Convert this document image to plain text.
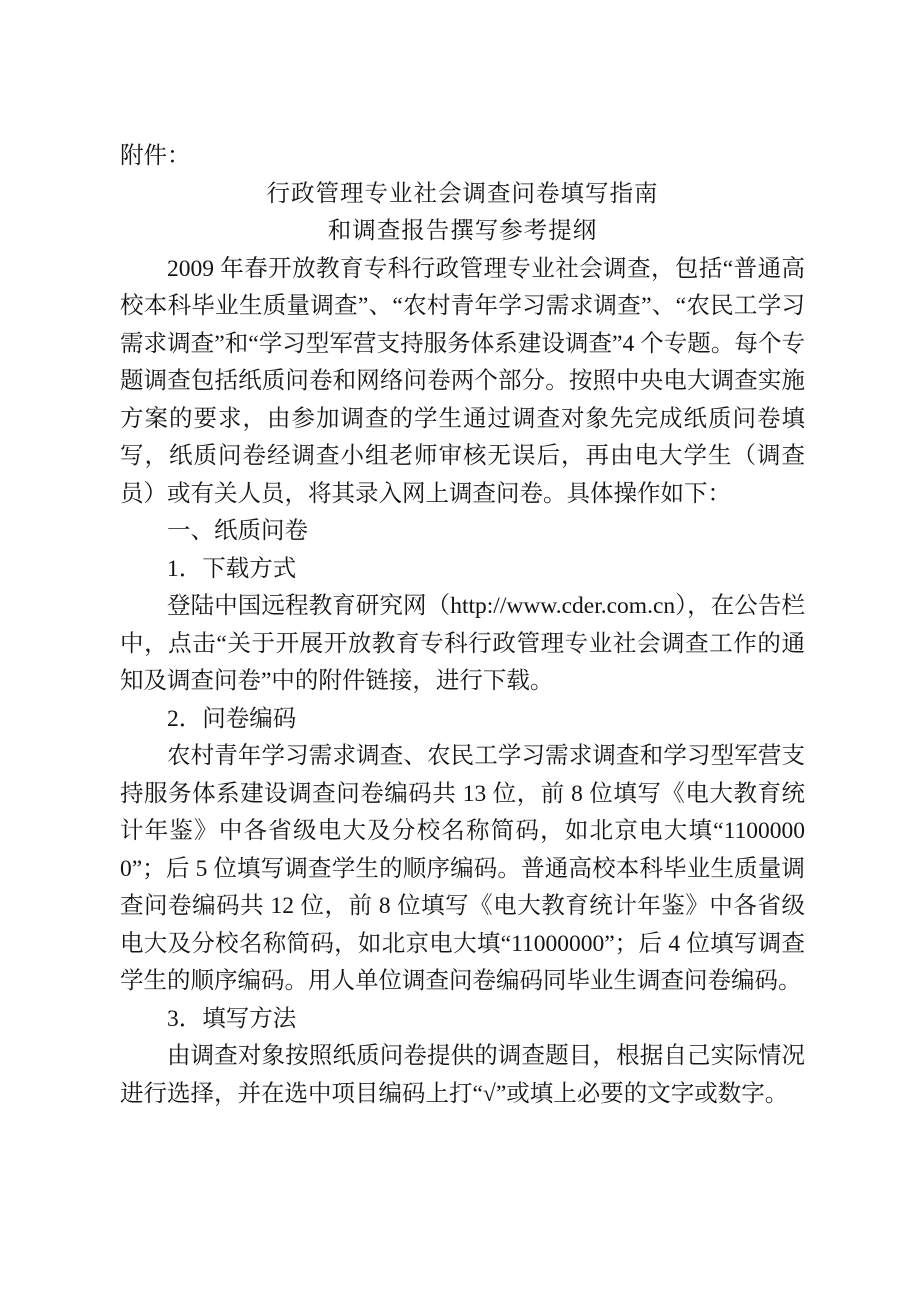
附件：
行政管理专业社会调查问卷填写指南
和调查报告撰写参考提纲

2009 年春开放教育专科行政管理专业社会调查，包括“普通高校本科毕业生质量调查”、“农村青年学习需求调查”、“农民工学习需求调查”和“学习型军营支持服务体系建设调查”4 个专题。每个专题调查包括纸质问卷和网络问卷两个部分。按照中央电大调查实施方案的要求，由参加调查的学生通过调查对象先完成纸质问卷填写，纸质问卷经调查小组老师审核无误后，再由电大学生（调查员）或有关人员，将其录入网上调查问卷。具体操作如下：

一、纸质问卷
1．下载方式

登陆中国远程教育研究网（http://www.cder.com.cn），在公告栏中，点击“关于开展开放教育专科行政管理专业社会调查工作的通知及调查问卷”中的附件链接，进行下载。

2．问卷编码

农村青年学习需求调查、农民工学习需求调查和学习型军营支持服务体系建设调查问卷编码共 13 位，前 8 位填写《电大教育统计年鉴》中各省级电大及分校名称简码，如北京电大填“11000000”；后 5 位填写调查学生的顺序编码。普通高校本科毕业生质量调查问卷编码共 12 位，前 8 位填写《电大教育统计年鉴》中各省级电大及分校名称简码，如北京电大填“11000000”；后 4 位填写调查学生的顺序编码。用人单位调查问卷编码同毕业生调查问卷编码。

3．填写方法

由调查对象按照纸质问卷提供的调查题目，根据自己实际情况进行选择，并在选中项目编码上打“√”或填上必要的文字或数字。
